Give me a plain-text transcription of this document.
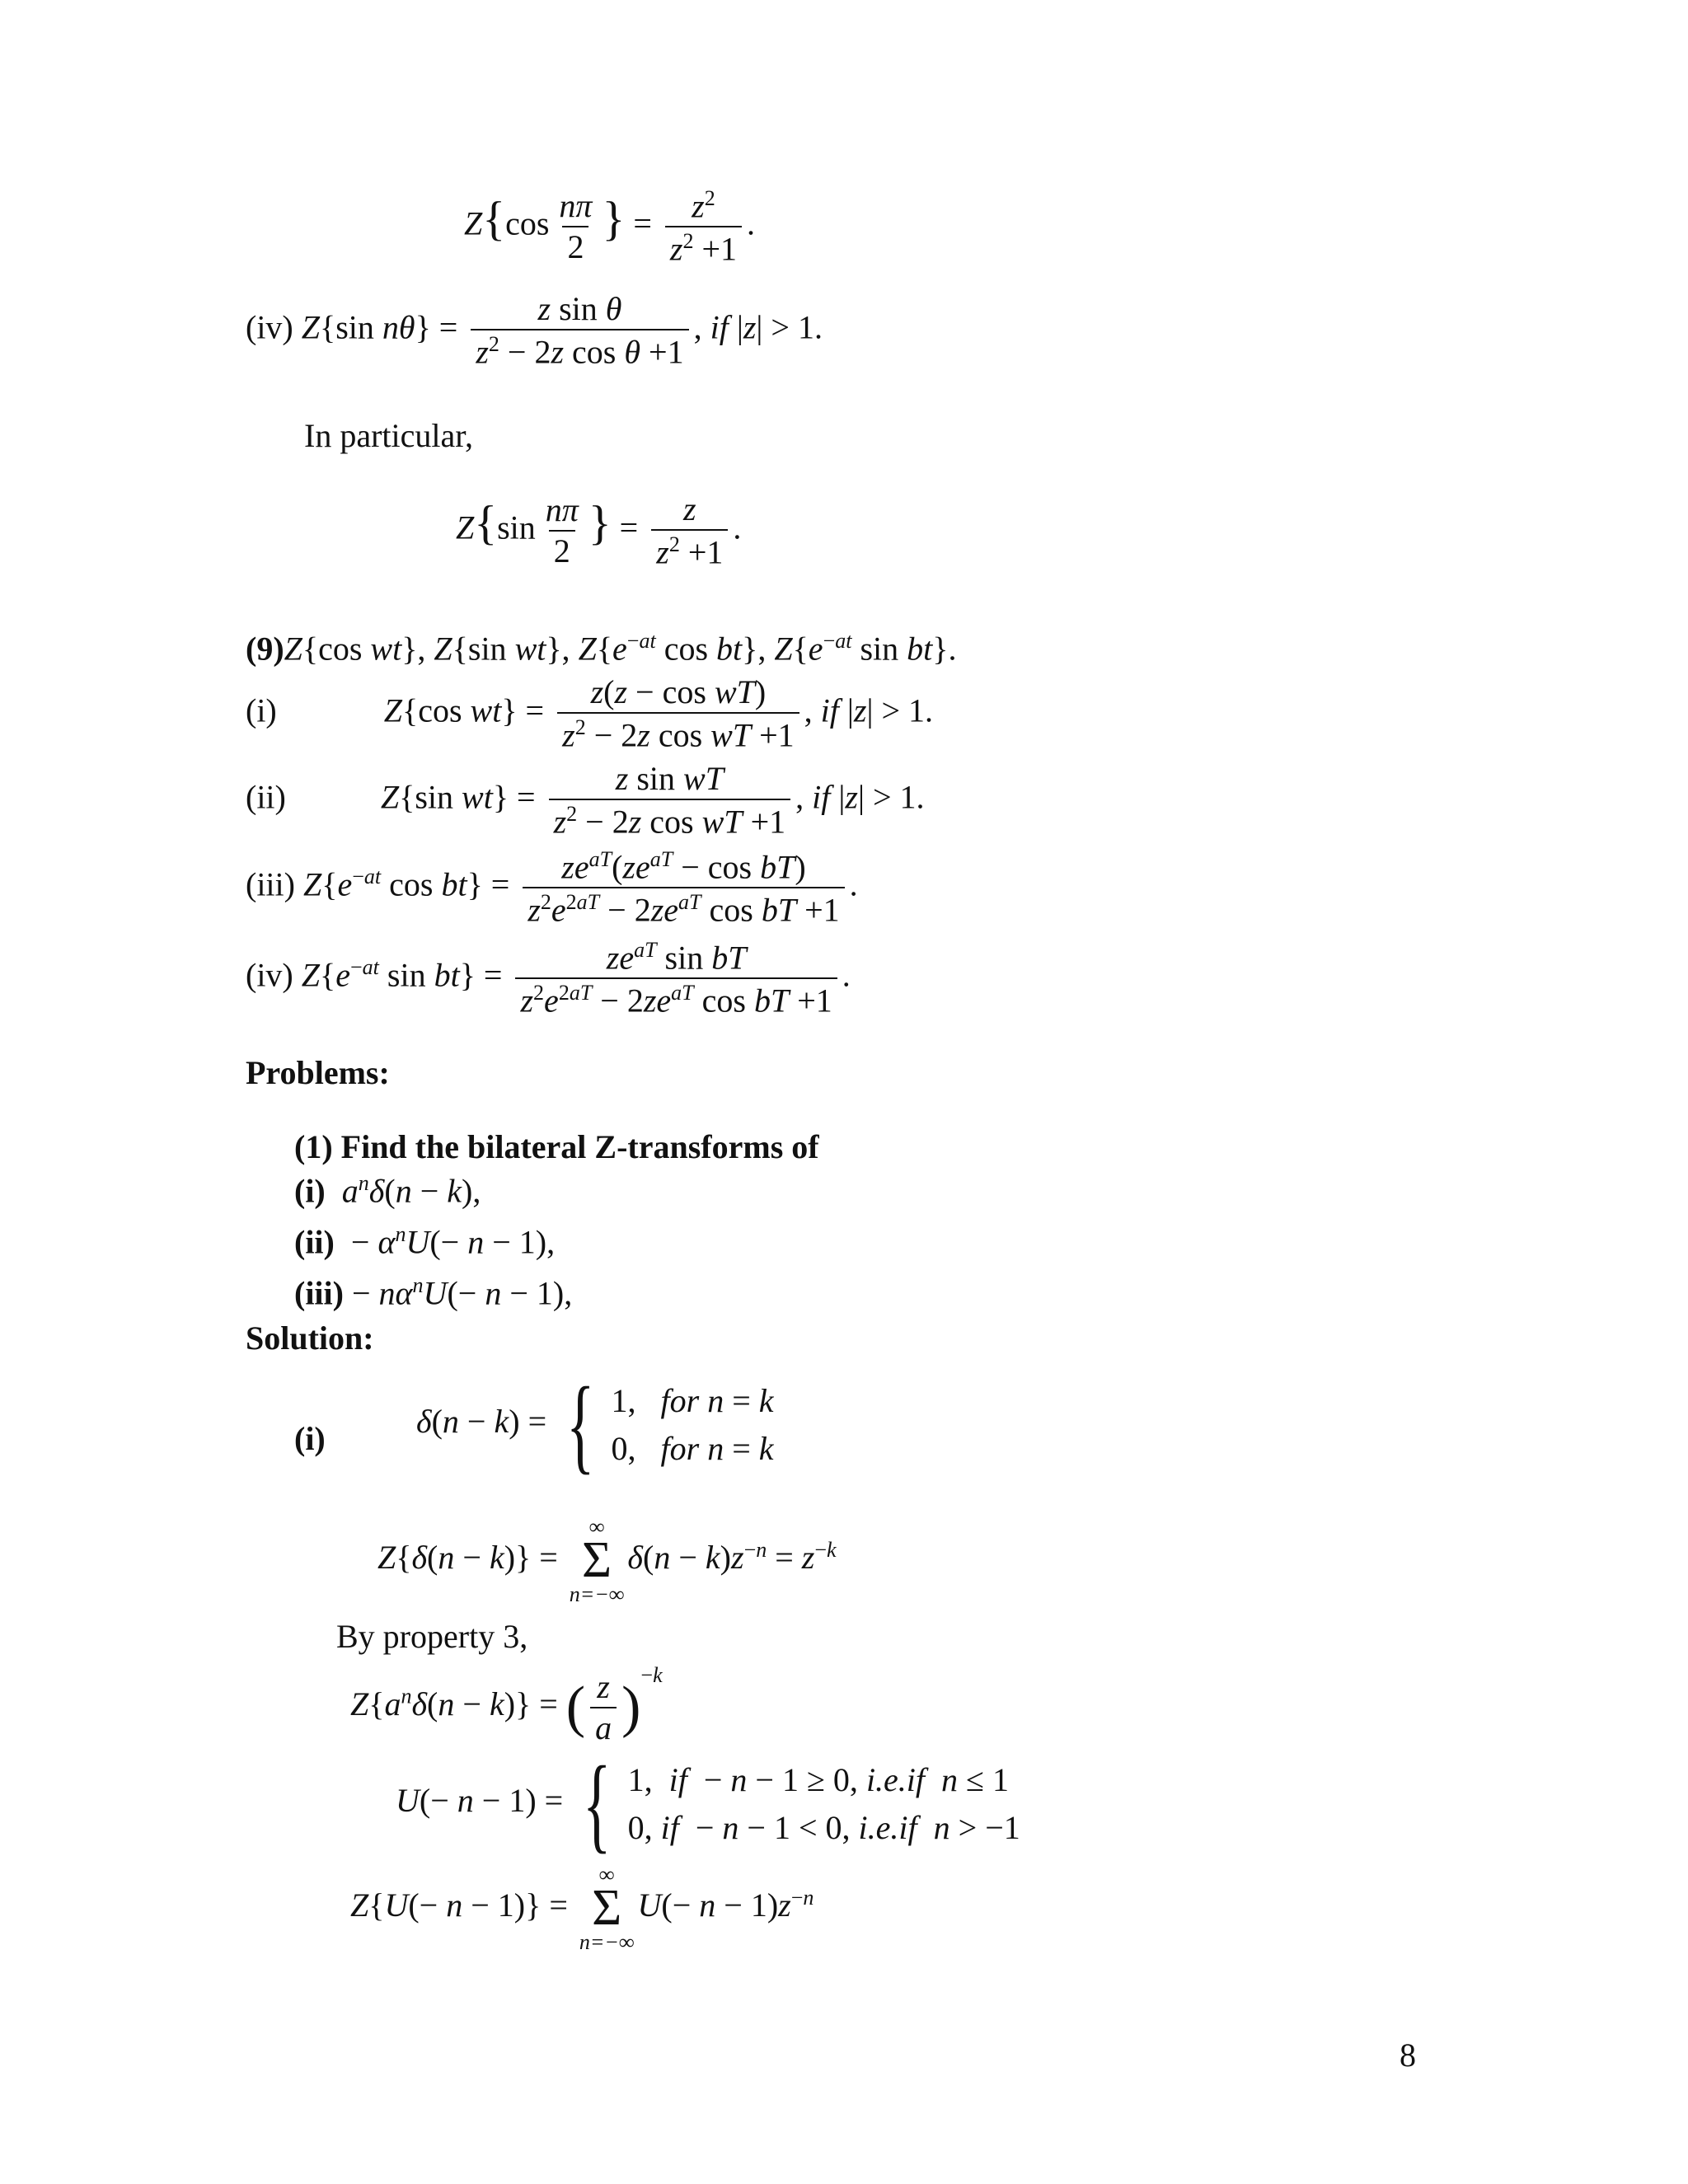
$Z\{\cos \frac{n\pi}{2}$ } = $\frac{z^2}{z^2 +1}$ .
(iv) Z{sin $n\theta\} = \frac{\text{z sin θ}}{z^2 - 2z \cos \theta +1}$ , if |z| > 1.
In particular,
$Z\{\sin \frac{n\pi}{2}$ } = $\frac{z}{z^2 +1}$ .
(9)Z{cos wt}, Z{sin wt}, $Z\{e^{-at}$ cos bt}, $Z\{e^{-at}$ sin bt}.
(i)	Z{cos $wt\} = \frac{\text{z(z − cos wT)}}{z^2 - 2z \cos wT +1}$ , if |z| > 1.
(ii)	Z{sin $wt\} = \frac{\text{z sin wT}}{z^2 - 2z \cos wT +1}$ , if |z| > 1.
(iii) $Z\{e^{-at}$ $\cos bt\} = \frac{ze^{aT}(ze^{aT} - \cos bT)}{z^2e^{2aT} - 2ze^{aT} \cos bT +1}$ .
(iv) $Z\{e^{-at}$ $\sin bt\} = \frac{ze^{aT} \sin bT}{z^2e^{2aT} - 2ze^{aT} \cos bT +1}$ .
Problems:
(1) Find the bilateral Z-transforms of
(i) $a^n\delta(n - k)$,
$(ii) - \alpha^nU(- n - 1)$,
$(iii) - n\alpha^nU(- n - 1)$,
Solution:
(i)	δ(n − k) = { 1,   for n = k
0,   for n = k
Z{δ(n − k)} =
∞
Σ
n=−∞
$\delta(n - k)z^{-n} = z^{-k}$
By property 3,
$Z\{a^n\delta(n - k)\}$ = ( $\frac{z}{a} )^{-k}$
U(− n − 1) = { 1,  if  − n − 1 ≥ 0, i.e.if n ≤ 1
0, if  − n − 1 < 0, i.e.if n > −1
Z{U(− n − 1)} =
∞
Σ
n=−∞
$U(- n - 1)z^{-n}$
8
